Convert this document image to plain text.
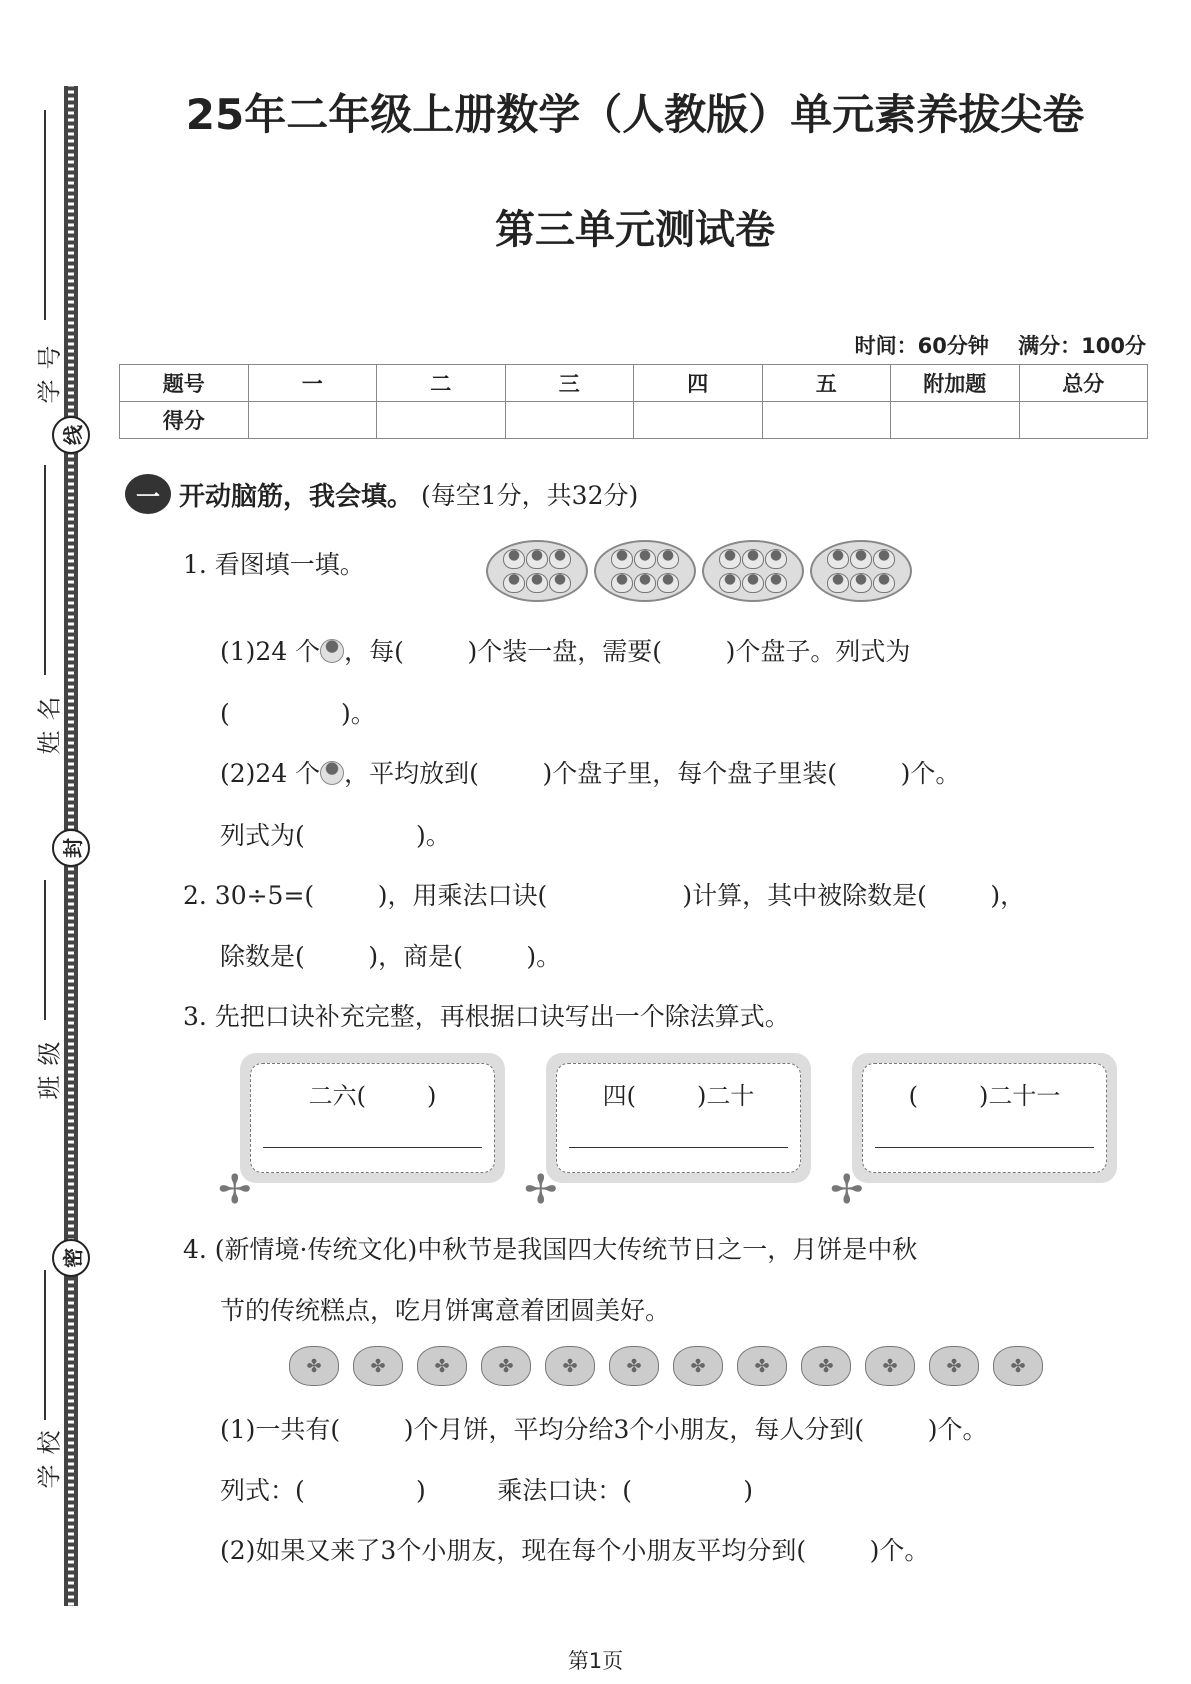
学号
姓名
班级
学校
线
封
密
25年二年级上册数学（人教版）单元素养拔尖卷
第三单元测试卷
时间：60分钟 满分：100分
题号	一	二	三	四	五	附加题	总分
得分							
一 开动脑筋，我会填。 (每空1分，共32分)
1. 看图填一填。
(1)24 个 ，每(        )个装一盘，需要(        )个盘子。列式为
(              )。
(2)24 个 ，平均放到(        )个盘子里，每个盘子里装(        )个。
列式为(              )。
2. 30÷5=(        )，用乘法口诀(                 )计算，其中被除数是(        )，
除数是(        )，商是(        )。
3. 先把口诀补充完整，再根据口诀写出一个除法算式。
二六(        )
✢
四(        )二十
✢
(        )二十一
✢
4. (新情境·传统文化)中秋节是我国四大传统节日之一，月饼是中秋
节的传统糕点，吃月饼寓意着团圆美好。
✤	✤	✤	✤	✤	✤	✤	✤	✤	✤	✤	✤
(1)一共有(        )个月饼，平均分给3个小朋友，每人分到(        )个。
列式：(              )         乘法口诀：(              )
(2)如果又来了3个小朋友，现在每个小朋友平均分到(        )个。
第1页
